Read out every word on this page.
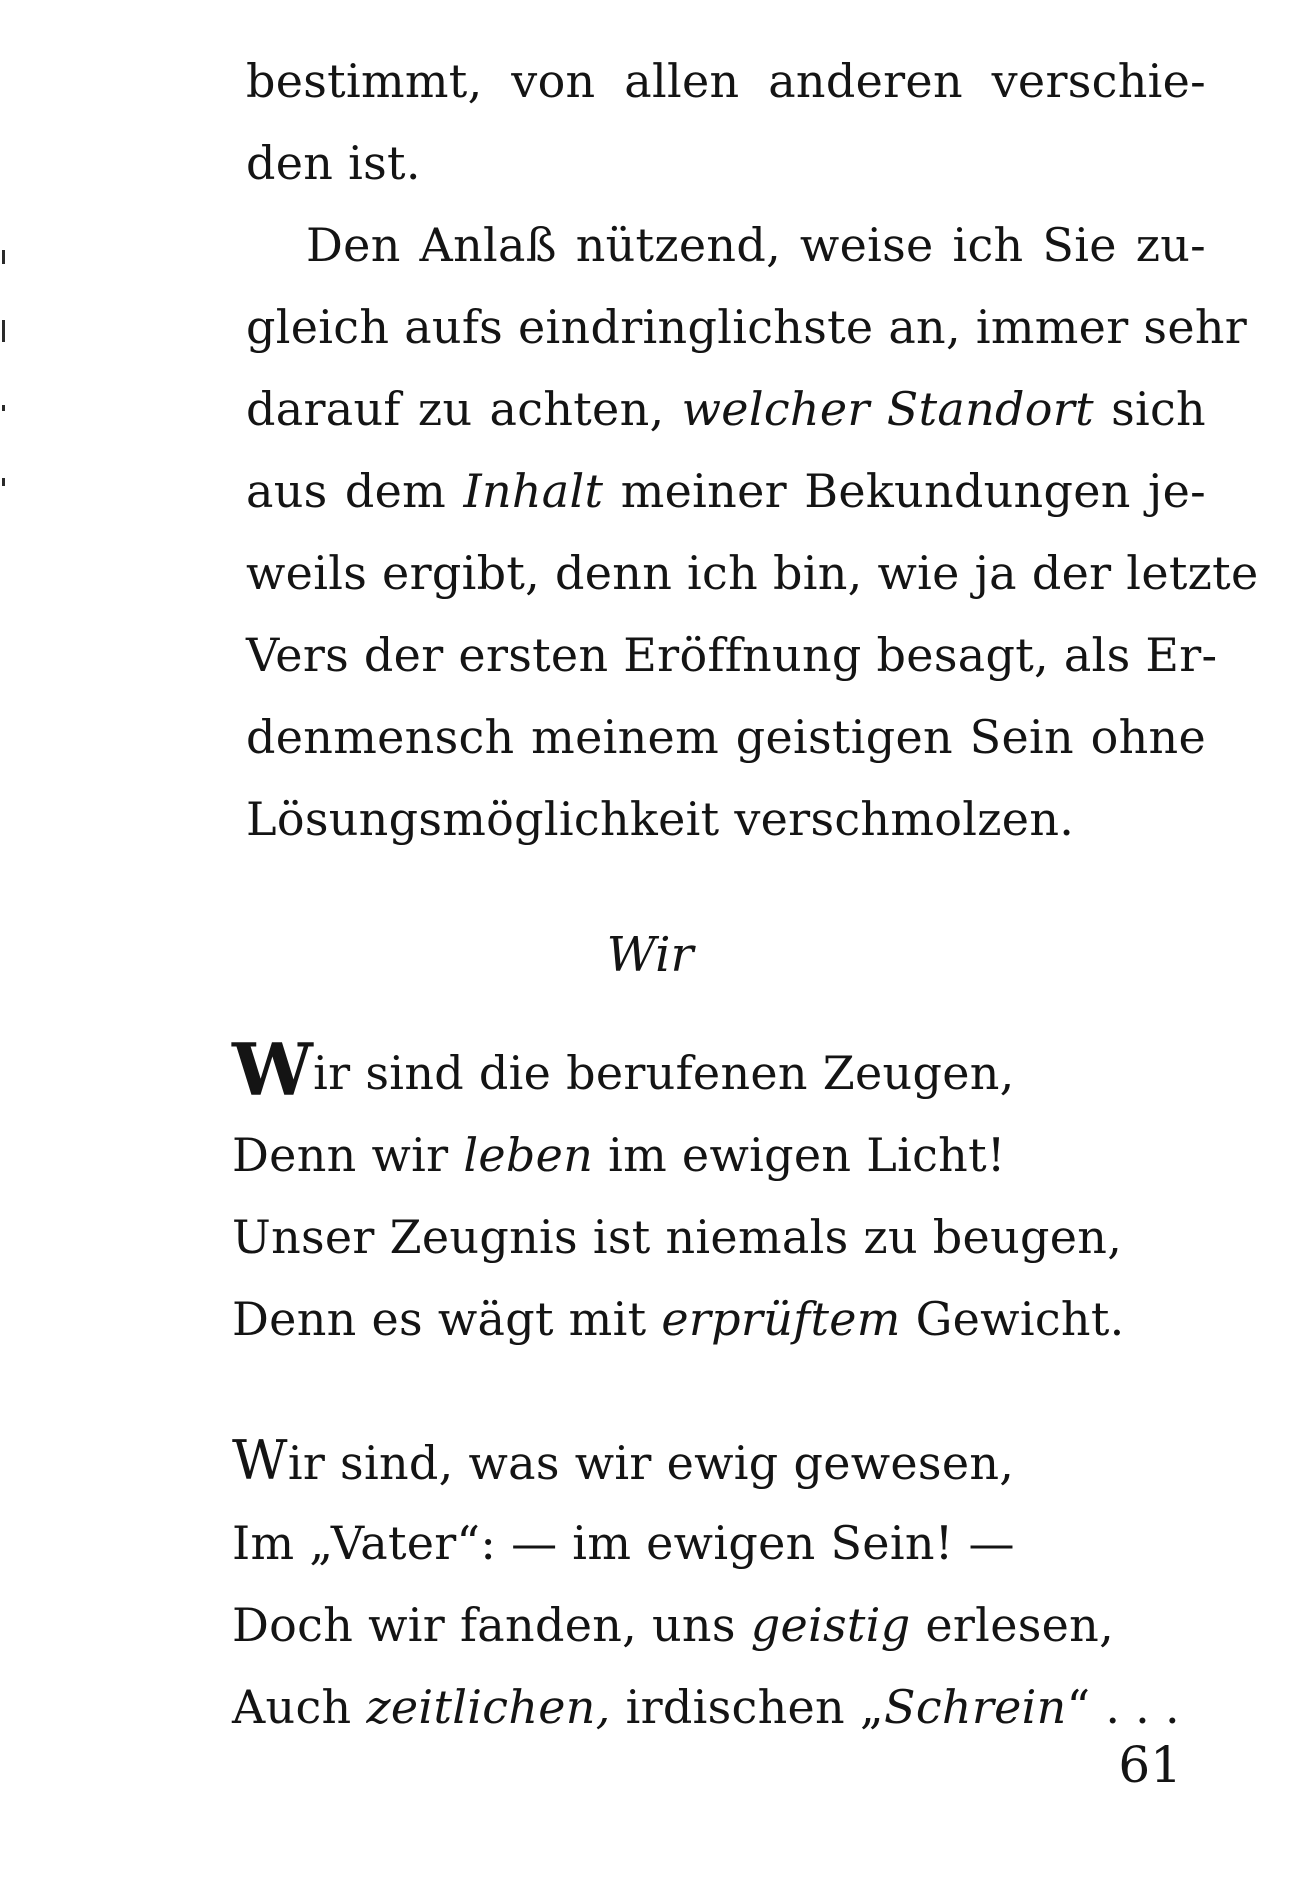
bestimmt, von allen anderen verschie-
den ist.
Den Anlaß nützend, weise ich Sie zu-
gleich aufs eindringlichste an, immer sehr
darauf zu achten, welcher Standort sich
aus dem Inhalt meiner Bekundungen je-
weils ergibt, denn ich bin, wie ja der letzte
Vers der ersten Eröffnung besagt, als Er-
denmensch meinem geistigen Sein ohne
Lösungsmöglichkeit verschmolzen.
Wir
Wir sind die berufenen Zeugen,
Denn wir leben im ewigen Licht!
Unser Zeugnis ist niemals zu beugen,
Denn es wägt mit erprüftem Gewicht.
Wir sind, was wir ewig gewesen,
Im „Vater“: — im ewigen Sein! —
Doch wir fanden, uns geistig erlesen,
Auch zeitlichen, irdischen „Schrein“ . . .
61
